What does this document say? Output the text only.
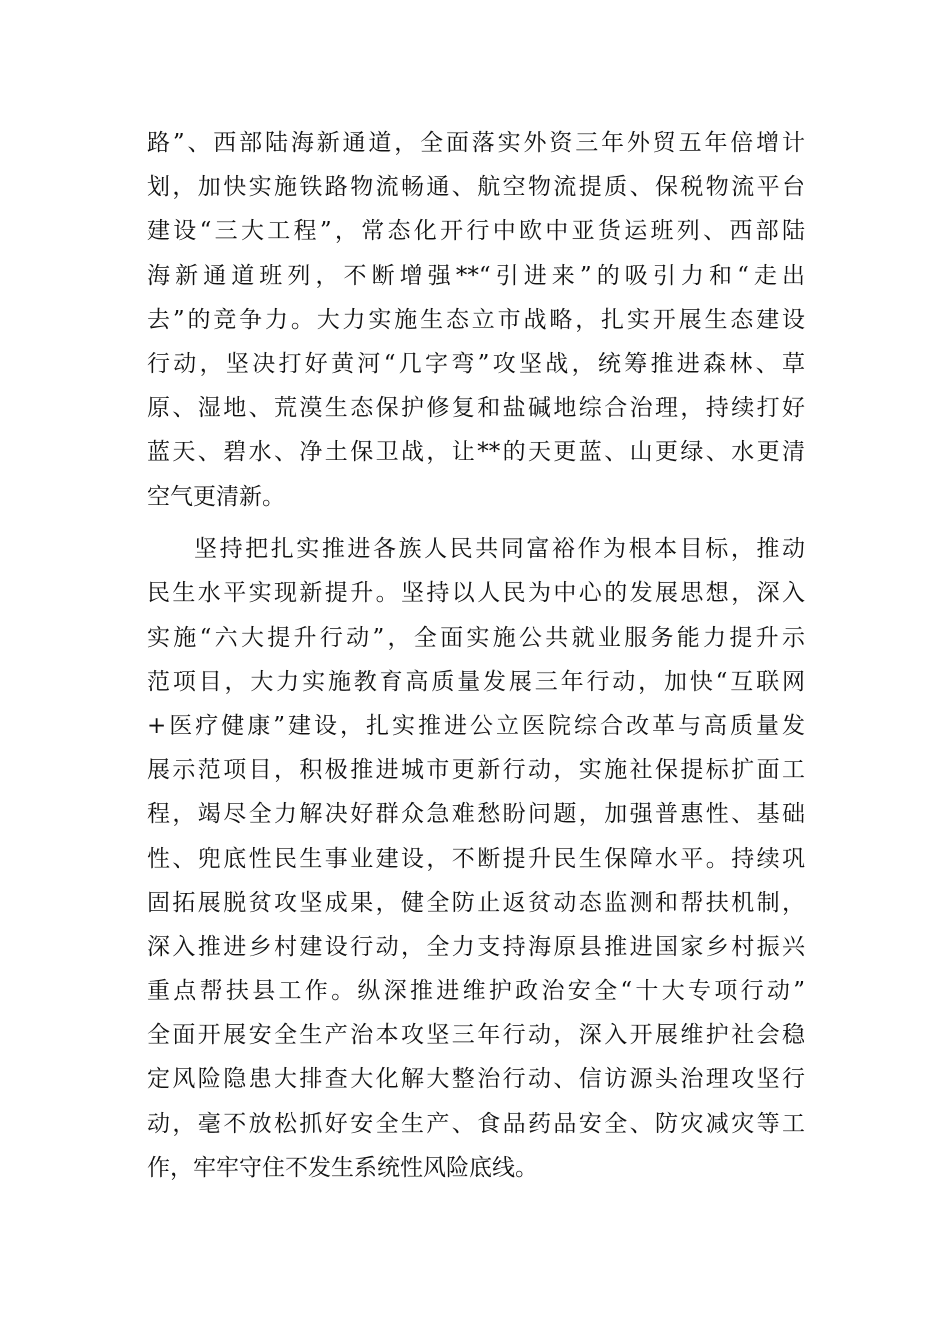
路”、西部陆海新通道，全面落实外资三年外贸五年倍增计
划，加快实施铁路物流畅通、航空物流提质、保税物流平台
建设“三大工程”，常态化开行中欧中亚货运班列、西部陆
海新通道班列，不断增强**“引进来”的吸引力和“走出
去”的竞争力。大力实施生态立市战略，扎实开展生态建设
行动，坚决打好黄河“几字弯”攻坚战，统筹推进森林、草
原、湿地、荒漠生态保护修复和盐碱地综合治理，持续打好
蓝天、碧水、净土保卫战，让**的天更蓝、山更绿、水更清
空气更清新。
坚持把扎实推进各族人民共同富裕作为根本目标，推动
民生水平实现新提升。坚持以人民为中心的发展思想，深入
实施“六大提升行动”，全面实施公共就业服务能力提升示
范项目，大力实施教育高质量发展三年行动，加快“互联网
+医疗健康”建设，扎实推进公立医院综合改革与高质量发
展示范项目，积极推进城市更新行动，实施社保提标扩面工
程，竭尽全力解决好群众急难愁盼问题，加强普惠性、基础
性、兜底性民生事业建设，不断提升民生保障水平。持续巩
固拓展脱贫攻坚成果，健全防止返贫动态监测和帮扶机制，
深入推进乡村建设行动，全力支持海原县推进国家乡村振兴
重点帮扶县工作。纵深推进维护政治安全“十大专项行动”
全面开展安全生产治本攻坚三年行动，深入开展维护社会稳
定风险隐患大排查大化解大整治行动、信访源头治理攻坚行
动，毫不放松抓好安全生产、食品药品安全、防灾减灾等工
作，牢牢守住不发生系统性风险底线。
